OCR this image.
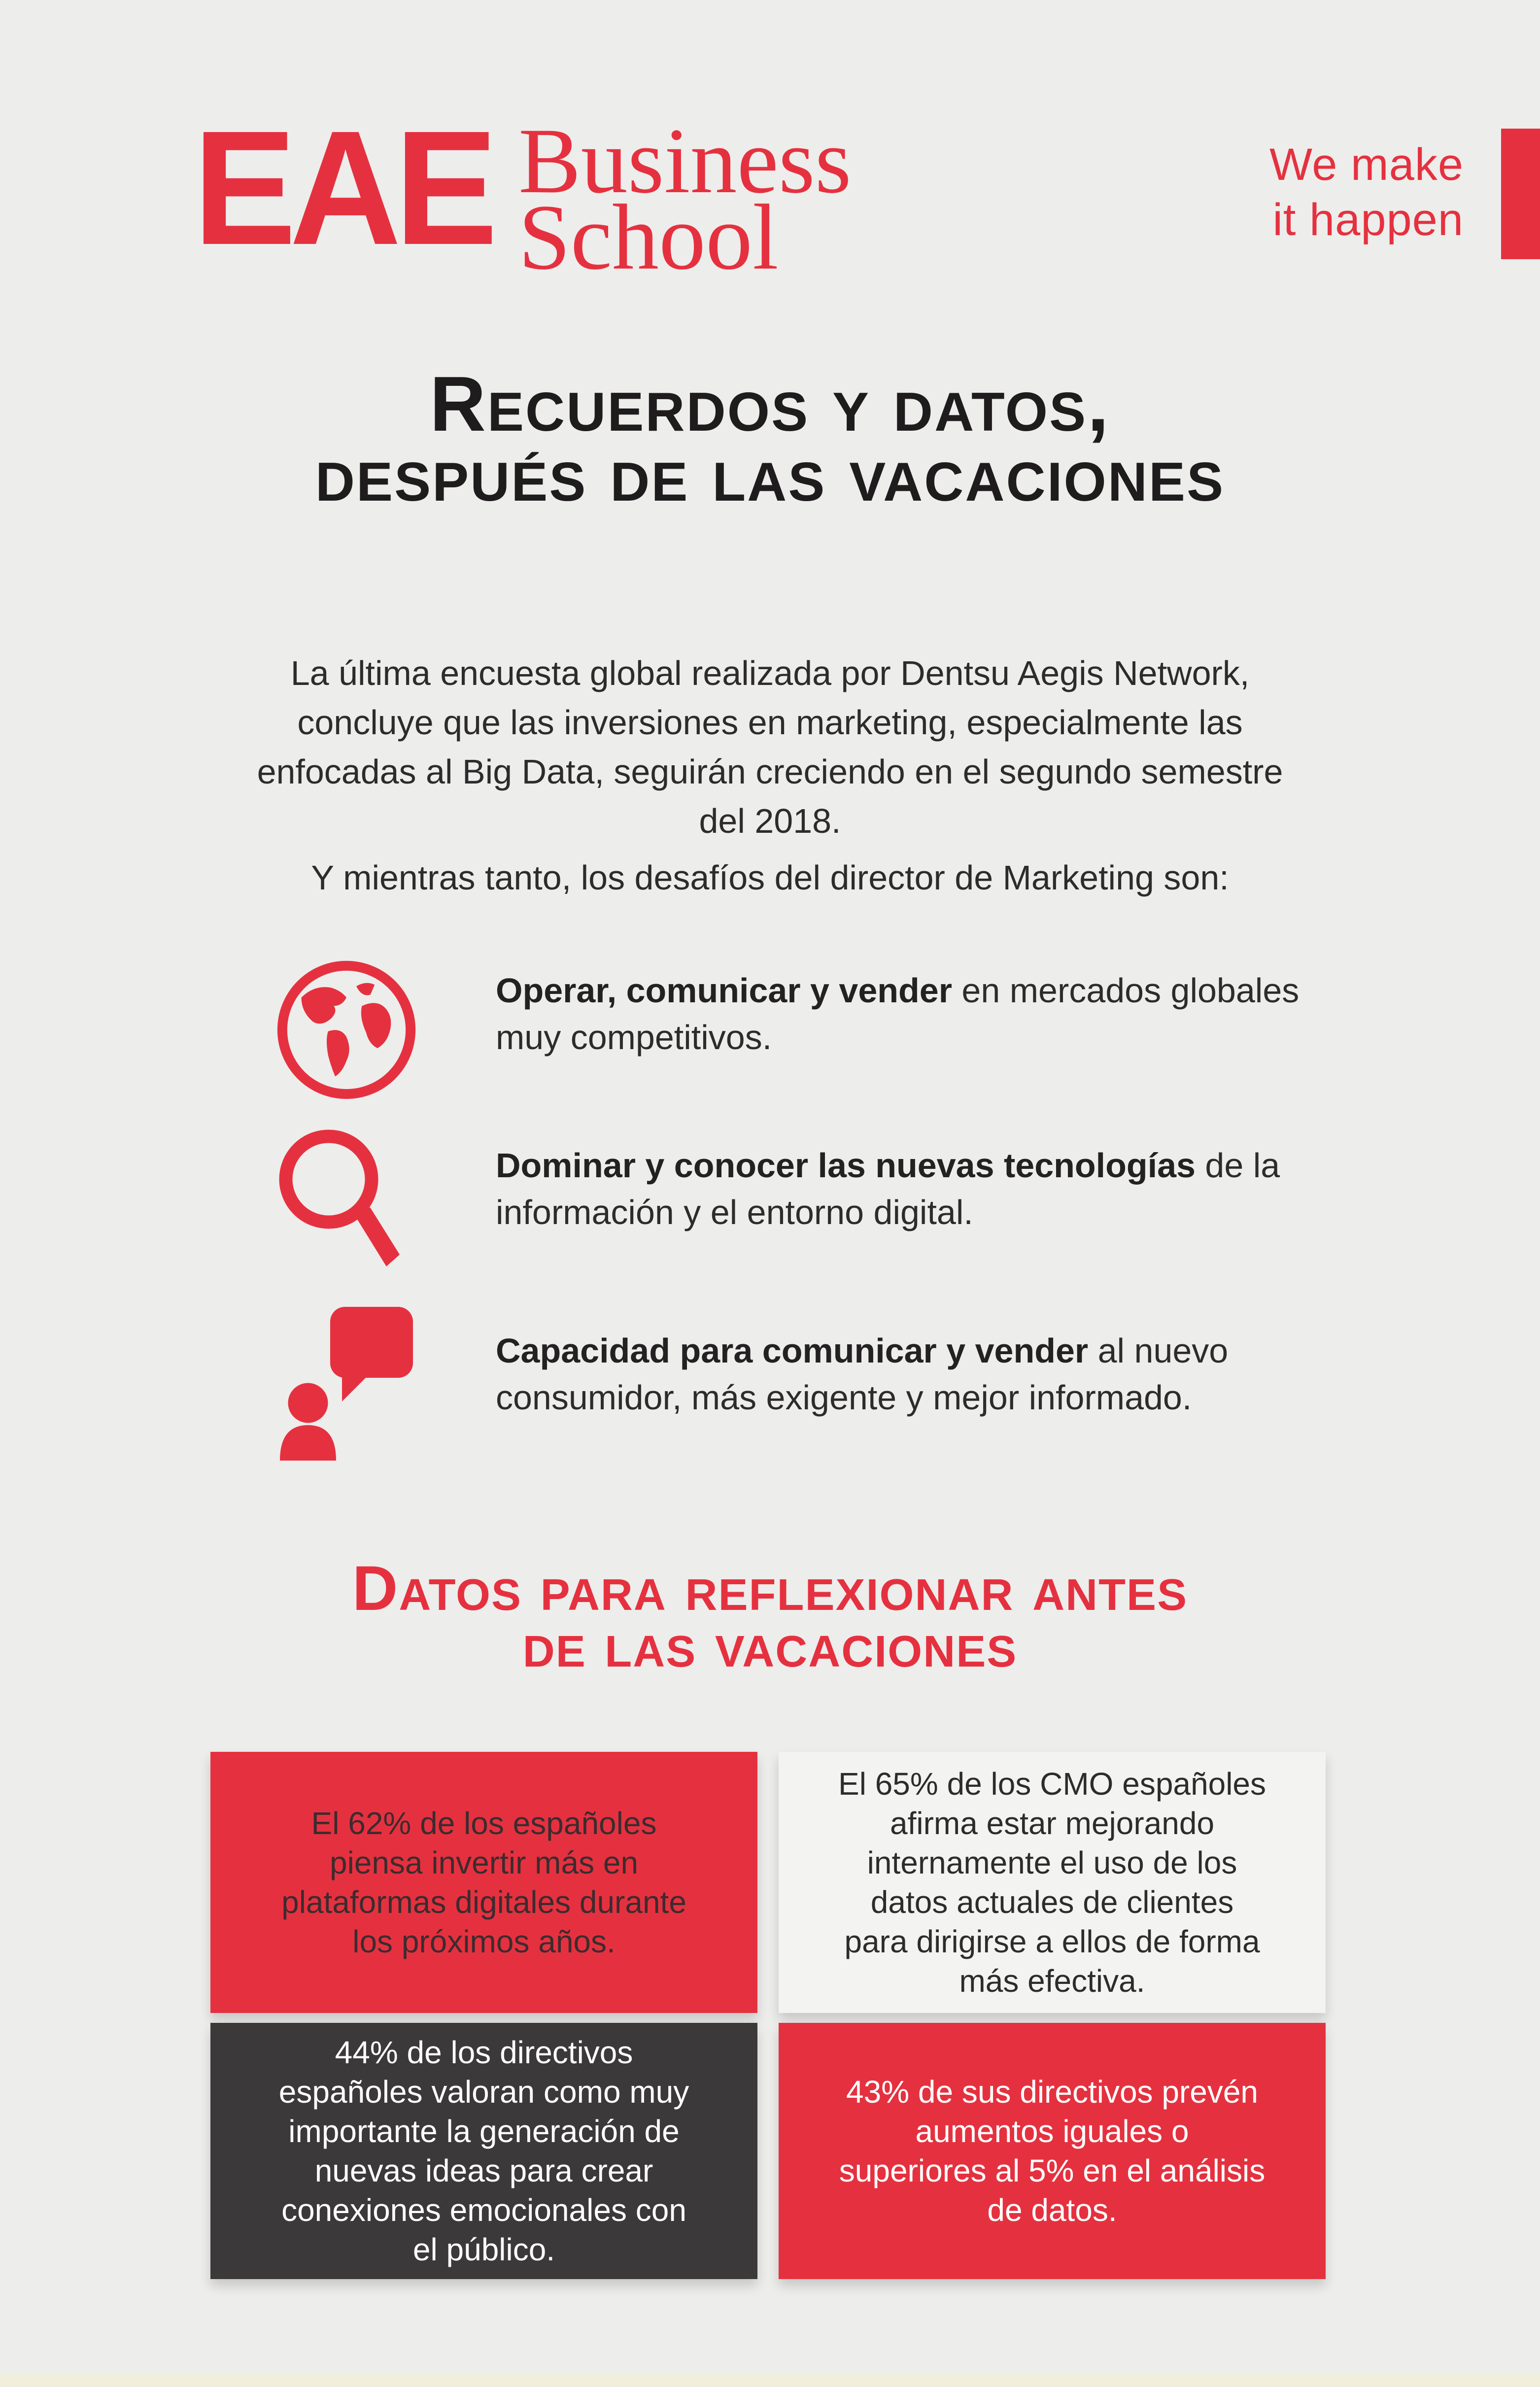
EAE Business
School
We make
it happen
Recuerdos y datos,
después de las vacaciones
La última encuesta global realizada por Dentsu Aegis Network,
concluye que las inversiones en marketing, especialmente las
enfocadas al Big Data, seguirán creciendo en el segundo semestre
del 2018.
Y mientras tanto, los desafíos del director de Marketing son:
Operar, comunicar y vender en mercados globales
muy competitivos.
Dominar y conocer las nuevas tecnologías de la
información y el entorno digital.
Capacidad para comunicar y vender al nuevo
consumidor, más exigente y mejor informado.
Datos para reflexionar antes
de las vacaciones
El 62% de los españoles
piensa invertir más en
plataformas digitales durante
los próximos años.
El 65% de los CMO españoles
afirma estar mejorando
internamente el uso de los
datos actuales de clientes
para dirigirse a ellos de forma
más efectiva.
44% de los directivos
españoles valoran como muy
importante la generación de
nuevas ideas para crear
conexiones emocionales con
el público.
43% de sus directivos prevén
aumentos iguales o
superiores al 5% en el análisis
de datos.
